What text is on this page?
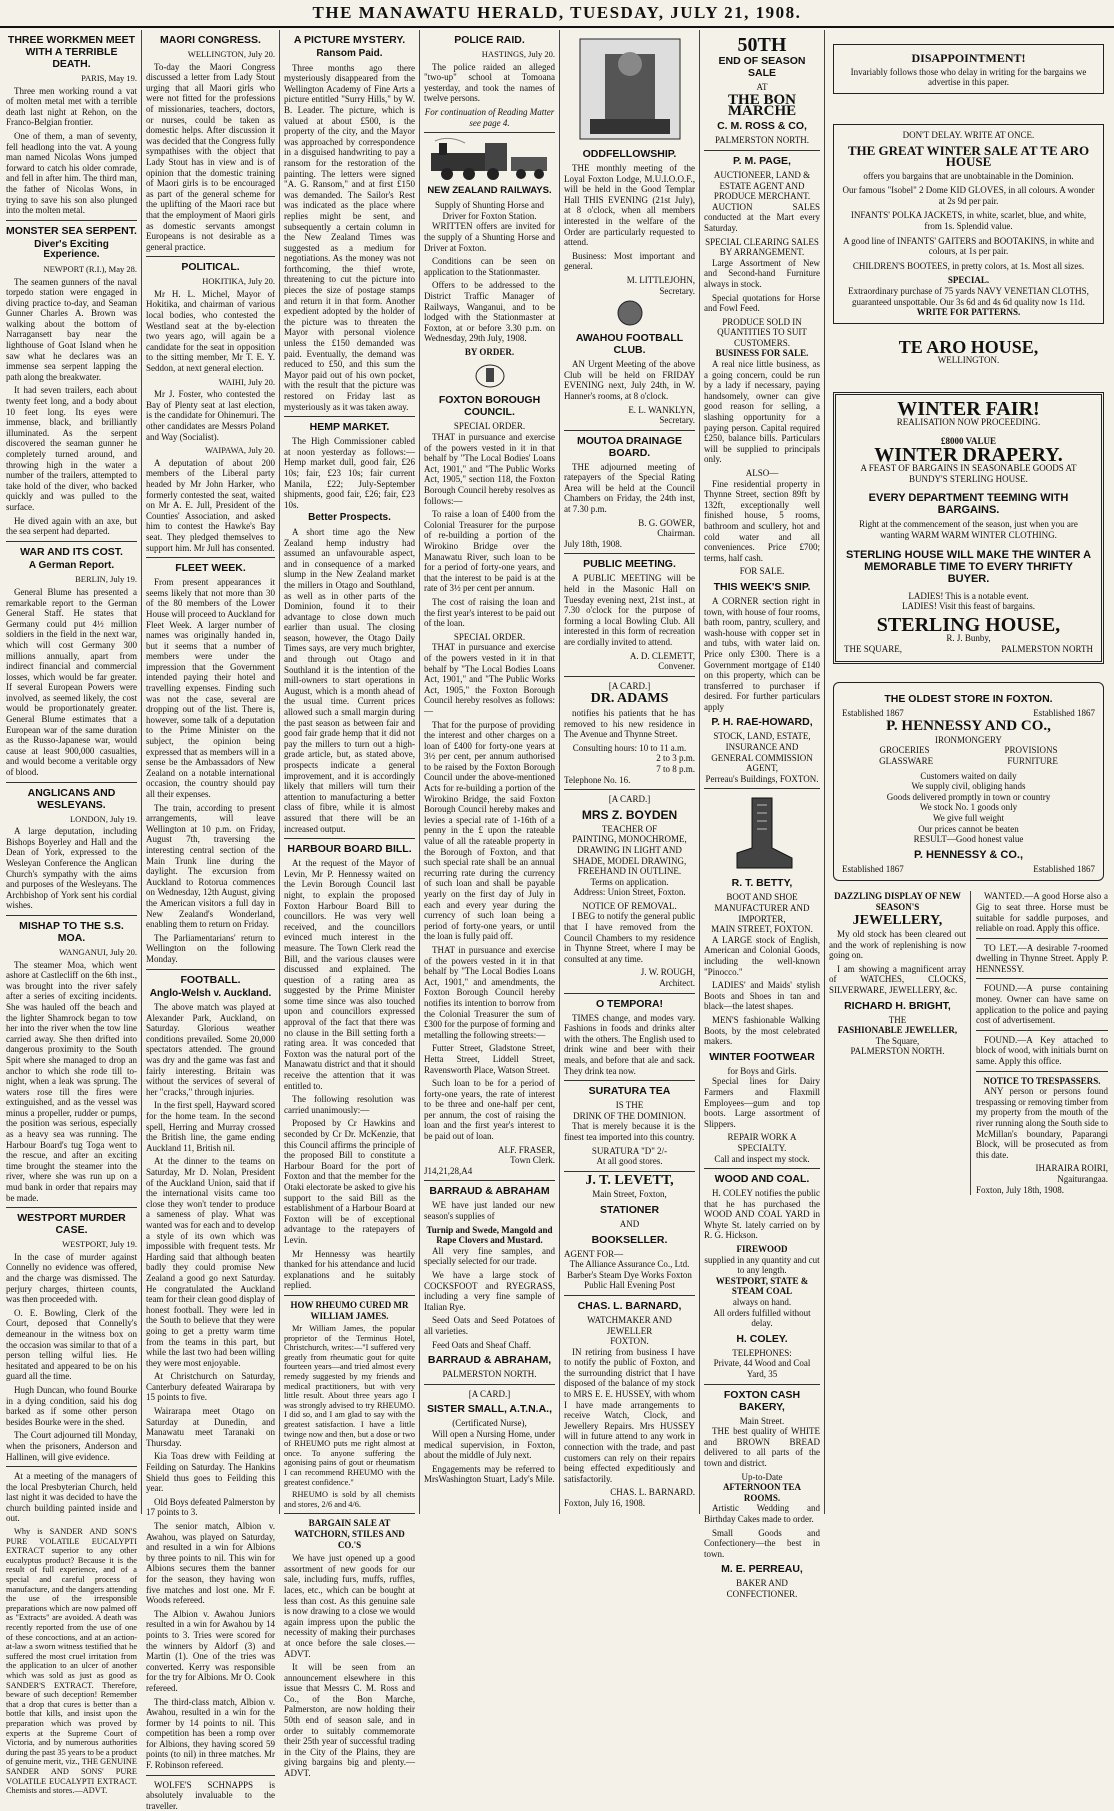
THE MANAWATU HERALD, TUESDAY, JULY 21, 1908.
THREE WORKMEN MEET WITH A TERRIBLE DEATH.
PARIS, May 19.

Three men working round a vat of molten metal met with a terrible death last night at Rehon, on the Franco-Belgian frontier.

One of them, a man of seventy, fell headlong into the vat. A young man named Nicolas Wons jumped forward to catch his older comrade, and fell in after him. The third man, the father of Nicolas Wons, in trying to save his son also plunged into the molten metal.

MONSTER SEA SERPENT.
Diver's Exciting Experience.
NEWPORT (R.I.), May 28.

The seamen gunners of the naval torpedo station were engaged in diving practice to-day, and Seaman Gunner Charles A. Brown was walking about the bottom of Narragansett bay near the lighthouse of Goat Island when he saw what he declares was an immense sea serpent lapping the path along the breakwater.

It had seven trailers, each about twenty feet long, and a body about 10 feet long. Its eyes were immense, black, and brilliantly illuminated. As the serpent discovered the seaman gunner he completely turned around, and throwing high in the water a number of the trailers, attempted to take hold of the diver, who backed quickly and was pulled to the surface.

He dived again with an axe, but the sea serpent had departed.

WAR AND ITS COST.
A German Report.
BERLIN, July 19.

General Blume has presented a remarkable report to the German General Staff. He states that Germany could put 4½ million soldiers in the field in the next war, which will cost Germany 300 millions annually, apart from indirect financial and commercial losses, which would be far greater. If several European Powers were involved, as seemed likely, the cost would be proportionately greater. General Blume estimates that a European war of the same duration as the Russo-Japanese war, would cause at least 900,000 casualties, and would become a veritable orgy of blood.

ANGLICANS AND WESLEYANS.
LONDON, July 19.

A large deputation, including Bishops Boyerley and Hall and the Dean of York, expressed to the Wesleyan Conference the Anglican Church's sympathy with the aims and purposes of the Wesleyans. The Archbishop of York sent his cordial wishes.

MISHAP TO THE S.S. MOA.
WANGANUI, July 20.

The steamer Moa, which went ashore at Castlecliff on the 6th inst., was brought into the river safely after a series of exciting incidents. She was hauled off the beach and the lighter Shamrock began to tow her into the river when the tow line carried away. She then drifted into dangerous proximity to the South Spit where she managed to drop an anchor to which she rode till to-night, when a leak was sprung. The waters rose till the fires were extinguished, and as the vessel was minus a propeller, rudder or pumps, the position was serious, especially as a heavy sea was running. The Harbour Board's tug Toga went to the rescue, and after an exciting time brought the steamer into the river, where she was run up on a mud bank in order that repairs may be made.

WESTPORT MURDER CASE.
WESTPORT, July 19.

In the case of murder against Connelly no evidence was offered, and the charge was dismissed. The perjury charges, thirteen counts, was then proceeded with.

O. E. Bowling, Clerk of the Court, deposed that Connelly's demeanour in the witness box on the occasion was similar to that of a person telling wilful lies. He hesitated and appeared to be on his guard all the time.

Hugh Duncan, who found Bourke in a dying condition, said his dog barked as if some other person besides Bourke were in the shed.

The Court adjourned till Monday, when the prisoners, Anderson and Hallinen, will give evidence.

At a meeting of the managers of the local Presbyterian Church, held last night it was decided to have the church building painted inside and out.

Why is SANDER AND SON'S PURE VOLATILE EUCALYPTI EXTRACT superior to any other eucalyptus product? Because it is the result of full experience, and of a special and careful process of manufacture, and the dangers attending the use of the irresponsible preparations which are now palmed off as "Extracts" are avoided. A death was recently reported from the use of one of these concoctions, and at an action-at-law a sworn witness testified that he suffered the most cruel irritation from the application to an ulcer of another which was sold as just as good as SANDER'S EXTRACT. Therefore, beware of such deception! Remember that a drop that cures is better than a bottle that kills, and insist upon the preparation which was proved by experts at the Supreme Court of Victoria, and by numerous authorities during the past 35 years to be a product of genuine merit, viz., THE GENUINE SANDER AND SONS' PURE VOLATILE EUCALYPTI EXTRACT. Chemists and stores.—ADVT.

MAORI CONGRESS.
WELLINGTON, July 20.

To-day the Maori Congress discussed a letter from Lady Stout urging that all Maori girls who were not fitted for the professions of missionaries, teachers, doctors, or nurses, could be taken as domestic helps. After discussion it was decided that the Congress fully sympathises with the object that Lady Stout has in view and is of opinion that the domestic training of Maori girls is to be encouraged as part of the general scheme for the uplifting of the Maori race but that the employment of Maori girls as domestic servants amongst Europeans is not desirable as a general practice.

POLITICAL.
HOKITIKA, July 20.

Mr H. L. Michel, Mayor of Hokitika, and chairman of various local bodies, who contested the Westland seat at the by-election two years ago, will again be a candidate for the seat in opposition to the sitting member, Mr T. E. Y. Seddon, at next general election.

WAIHI, July 20.

Mr J. Foster, who contested the Bay of Plenty seat at last election, is the candidate for Ohinemuri. The other candidates are Messrs Poland and Way (Socialist).

WAIPAWA, July 20.

A deputation of about 200 members of the Liberal party headed by Mr John Harker, who formerly contested the seat, waited on Mr A. E. Jull, President of the Counties' Association, and asked him to contest the Hawke's Bay seat. They pledged themselves to support him. Mr Jull has consented.

FLEET WEEK.

From present appearances it seems likely that not more than 30 of the 80 members of the Lower House will proceed to Auckland for Fleet Week. A larger number of names was originally handed in, but it seems that a number of members were under the impression that the Government intended paying their hotel and travelling expenses. Finding such was not the case, several are dropping out of the list. There is, however, some talk of a deputation to the Prime Minister on the subject, the opinion being expressed that as members will in a sense be the Ambassadors of New Zealand on a notable international occasion, the country should pay all their expenses.

The train, according to present arrangements, will leave Wellington at 10 p.m. on Friday, August 7th, traversing the interesting central section of the Main Trunk line during the daylight. The excursion from Auckland to Rotorua commences on Wednesday, 12th August, giving the American visitors a full day in New Zealand's Wonderland, enabling them to return on Friday.

The Parliamentarians' return to Wellington on the following Monday.

FOOTBALL.
Anglo-Welsh v. Auckland.

The above match was played at Alexander Park, Auckland, on Saturday. Glorious weather conditions prevailed. Some 20,000 spectators attended. The ground was dry and the game was fast and fairly interesting. Britain was without the services of several of her "cracks," through injuries.

In the first spell, Hayward scored for the home team. In the second spell, Herring and Murray crossed the British line, the game ending Auckland 11, British nil.

At the dinner to the teams on Saturday, Mr D. Nolan, President of the Auckland Union, said that if the international visits came too close they won't tender to produce a sameness of play. What was wanted was for each and to develop a style of its own which was impossible with frequent tests. Mr Harding said that although beaten badly they could promise New Zealand a good go next Saturday. He congratulated the Auckland team for their clean good display of honest football. They were led in the South to believe that they were going to get a pretty warm time from the teams in this part, but while the last two had been willing they were most enjoyable.

At Christchurch on Saturday, Canterbury defeated Wairarapa by 15 points to five.

Wairarapa meet Otago on Saturday at Dunedin, and Manawatu meet Taranaki on Thursday.

Kia Toas drew with Feilding at Feilding on Saturday. The Hankins Shield thus goes to Feilding this year.

Old Boys defeated Palmerston by 17 points to 3.

The senior match, Albion v. Awahou, was played on Saturday, and resulted in a win for Albions by three points to nil. This win for Albions secures them the banner for the season, they having won five matches and lost one. Mr F. Woods refereed.

The Albion v. Awahou Juniors resulted in a win for Awahou by 14 points to 3. Tries were scored for the winners by Aldorf (3) and Martin (1). One of the tries was converted. Kerry was responsible for the try for Albions. Mr O. Cook refereed.

The third-class match, Albion v. Awahou, resulted in a win for the former by 14 points to nil. This competition has been a romp over for Albions, they having scored 59 points (to nil) in three matches. Mr F. Robinson refereed.

WOLFE'S SCHNAPPS is absolutely invaluable to the traveller.

A PICTURE MYSTERY.
Ransom Paid.

Three months ago there mysteriously disappeared from the Wellington Academy of Fine Arts a picture entitled "Surry Hills," by W. B. Leader. The picture, which is valued at about £500, is the property of the city, and the Mayor was approached by correspondence in a disguised handwriting to pay a ransom for the restoration of the painting. The letters were signed "A. G. Ransom," and at first £150 was demanded. The Sailor's Rest was indicated as the place where replies might be sent, and subsequently a certain column in the New Zealand Times was suggested as a medium for negotiations. As the money was not forthcoming, the thief wrote, threatening to cut the picture into pieces the size of postage stamps and return it in that form. Another expedient adopted by the holder of the picture was to threaten the Mayor with personal violence unless the £150 demanded was paid. Eventually, the demand was reduced to £50, and this sum the Mayor paid out of his own pocket, with the result that the picture was restored on Friday last as mysteriously as it was taken away.

HEMP MARKET.

The High Commissioner cabled at noon yesterday as follows:—Hemp market dull, good fair, £26 10s; fair, £23 10s; fair current Manila, £22; July-September shipments, good fair, £26; fair, £23 10s.

Better Prospects.

A short time ago the New Zealand hemp industry had assumed an unfavourable aspect, and in consequence of a marked slump in the New Zealand market the millers in Otago and Southland, as well as in other parts of the Dominion, found it to their advantage to close down much earlier than usual. The closing season, however, the Otago Daily Times says, are very much brighter, and through out Otago and Southland it is the intention of the mill-owners to start operations in August, which is a month ahead of the usual time. Current prices allowed such a small margin during the past season as between fair and good fair grade hemp that it did not pay the millers to turn out a high-grade article, but, as stated above, prospects indicate a general improvement, and it is accordingly likely that millers will turn their attention to manufacturing a better class of fibre, while it is almost assured that there will be an increased output.

HARBOUR BOARD BILL.

At the request of the Mayor of Levin, Mr P. Hennessy waited on the Levin Borough Council last night, to explain the proposed Foxton Harbour Board Bill to councillors. He was very well received, and the councillors evinced much interest in the measure. The Town Clerk read the Bill, and the various clauses were discussed and explained. The question of a rating area as suggested by the Prime Minister some time since was also touched upon and councillors expressed approval of the fact that there was no clause in the Bill setting forth a rating area. It was conceded that Foxton was the natural port of the Manawatu district and that it should receive the attention that it was entitled to.

The following resolution was carried unanimously:—

Proposed by Cr Hawkins and seconded by Cr Dr. McKenzie, that this Council affirms the principle of the proposed Bill to constitute a Harbour Board for the port of Foxton and that the member for the Otaki electorate be asked to give his support to the said Bill as the establishment of a Harbour Board at Foxton will be of exceptional advantage to the ratepayers of Levin.

Mr Hennessy was heartily thanked for his attendance and lucid explanations and he suitably replied.

HOW RHEUMO CURED MR WILLIAM JAMES.

Mr William James, the popular proprietor of the Terminus Hotel, Christchurch, writes:—"I suffered very greatly from rheumatic gout for quite fourteen years—and tried almost every remedy suggested by my friends and medical practitioners, but with very little result. About three years ago I was strongly advised to try RHEUMO. I did so, and I am glad to say with the greatest satisfaction. I have a little twinge now and then, but a dose or two of RHEUMO puts me right almost at once. To anyone suffering the agonising pains of gout or rheumatism I can recommend RHEUMO with the greatest confidence."

RHEUMO is sold by all chemists and stores, 2/6 and 4/6.

BARGAIN SALE AT WATCHORN, STILES AND CO.'S

We have just opened up a good assortment of new goods for our sale, including furs, muffs, ruffles, laces, etc., which can be bought at less than cost. As this genuine sale is now drawing to a close we would again impress upon the public the necessity of making their purchases at once before the sale closes.—ADVT.

It will be seen from an announcement elsewhere in this issue that Messrs C. M. Ross and Co., of the Bon Marche, Palmerston, are now holding their 50th end of season sale, and in order to suitably commemorate their 25th year of successful trading in the City of the Plains, they are giving bargains big and plenty.—ADVT.

POLICE RAID.
HASTINGS, July 20.

The police raided an alleged "two-up" school at Tomoana yesterday, and took the names of twelve persons.

For continuation of Reading Matter see page 4.
NEW ZEALAND RAILWAYS.
Supply of Shunting Horse and Driver for Foxton Station.

WRITTEN offers are invited for the supply of a Shunting Horse and Driver at Foxton.

Conditions can be seen on application to the Stationmaster.

Offers to be addressed to the District Traffic Manager of Railways, Wanganui, and to be lodged with the Stationmaster at Foxton, at or before 3.30 p.m. on Wednesday, 29th July, 1908.

BY ORDER.
FOXTON BOROUGH COUNCIL.
SPECIAL ORDER.

THAT in pursuance and exercise of the powers vested in it in that behalf by "The Local Bodies' Loans Act, 1901," and "The Public Works Act, 1905," section 118, the Foxton Borough Council hereby resolves as follows:—

To raise a loan of £400 from the Colonial Treasurer for the purpose of re-building a portion of the Wirokino Bridge over the Manawatu River, such loan to be for a period of forty-one years, and that the interest to be paid is at the rate of 3½ per cent per annum.

The cost of raising the loan and the first year's interest to be paid out of the loan.

SPECIAL ORDER.

THAT in pursuance and exercise of the powers vested in it in that behalf by "The Local Bodies Loans Act, 1901," and "The Public Works Act, 1905," the Foxton Borough Council hereby resolves as follows:—

That for the purpose of providing the interest and other charges on a loan of £400 for forty-one years at 3½ per cent, per annum authorised to be raised by the Foxton Borough Council under the above-mentioned Acts for re-building a portion of the Wirokino Bridge, the said Foxton Borough Council hereby makes and levies a special rate of 1-16th of a penny in the £ upon the rateable value of all the rateable property in the Borough of Foxton, and that such special rate shall be an annual recurring rate during the currency of such loan and shall be payable yearly on the first day of July in each and every year during the currency of such loan being a period of forty-one years, or until the loan is fully paid off.

THAT in pursuance and exercise of the powers vested in it in that behalf by "The Local Bodies Loans Act, 1901," and amendments, the Foxton Borough Council hereby notifies its intention to borrow from the Colonial Treasurer the sum of £300 for the purpose of forming and metalling the following streets:—

Futter Street, Gladstone Street, Hetta Street, Liddell Street, Ravensworth Place, Watson Street.

Such loan to be for a period of forty-one years, the rate of interest to be three and one-half per cent, per annum, the cost of raising the loan and the first year's interest to be paid out of loan.

ALF. FRASER,
Town Clerk.
J14,21,28,A4
BARRAUD & ABRAHAM

WE have just landed our new season's supplies of

Turnip and Swede, Mangold and Rape Clovers and Mustard.

All very fine samples, and specially selected for our trade.

We have a large stock of COCKSFOOT and RYEGRASS, including a very fine sample of Italian Rye.

Seed Oats and Seed Potatoes of all varieties.

Feed Oats and Sheaf Chaff.

BARRAUD & ABRAHAM,
PALMERSTON NORTH.
[A CARD.]
SISTER SMALL, A.T.N.A.,
(Certificated Nurse),

Will open a Nursing Home, under medical supervision, in Foxton, about the middle of July next.

Engagements may be referred to MrsWashington Stuart, Lady's Mile.

ODDFELLOWSHIP.

THE monthly meeting of the Loyal Foxton Lodge, M.U.I.O.O.F., will be held in the Good Templar Hall THIS EVENING (21st July), at 8 o'clock, when all members interested in the welfare of the Order are particularly requested to attend.

Business: Most important and general.

M. LITTLEJOHN,
Secretary.
AWAHOU FOOTBALL CLUB.

AN Urgent Meeting of the above Club will be held on FRIDAY EVENING next, July 24th, in W. Hanner's rooms, at 8 o'clock.

E. L. WANKLYN,
Secretary.
MOUTOA DRAINAGE BOARD.

THE adjourned meeting of ratepayers of the Special Rating Area will be held at the Council Chambers on Friday, the 24th inst, at 7.30 p.m.

B. G. GOWER,
Chairman.
July 18th, 1908.
PUBLIC MEETING.

A PUBLIC MEETING will be held in the Masonic Hall on Tuesday evening next, 21st inst., at 7.30 o'clock for the purpose of forming a local Bowling Club. All interested in this form of recreation are cordially invited to attend.

A. D. CLEMETT,
Convener.
[A CARD.]
DR. ADAMS

notifies his patients that he has removed to his new residence in The Avenue and Thynne Street.

Consulting hours: 10 to 11 a.m.
2 to 3 p.m.
7 to 8 p.m.
Telephone No. 16.
[A CARD.]
MRS Z. BOYDEN
TEACHER OF
PAINTING, MONOCHROME, DRAWING IN LIGHT AND SHADE, MODEL DRAWING, FREEHAND IN OUTLINE.
Terms on application.
Address: Union Street, Foxton.
NOTICE OF REMOVAL.

I BEG to notify the general public that I have removed from the Council Chambers to my residence in Thynne Street, where I may be consulted at any time.

J. W. ROUGH,
Architect.
O TEMPORA!

TIMES change, and modes vary. Fashions in foods and drinks alter with the others. The English used to drink wine and beer with their meals, and before that ale and sack. They drink tea now.

SURATURA TEA
IS THE
DRINK OF THE DOMINION.

That is merely because it is the finest tea imported into this country.

SURATURA "D" 2/-
At all good stores.
J. T. LEVETT,
Main Street, Foxton,
STATIONER
AND
BOOKSELLER.
AGENT FOR—
The Alliance Assurance Co., Ltd. Barber's Steam Dye Works Foxton Public Hall Evening Post
CHAS. L. BARNARD,
WATCHMAKER AND JEWELLER
FOXTON.

IN retiring from business I have to notify the public of Foxton, and the surrounding district that I have disposed of the balance of my stock to MRS E. E. HUSSEY, with whom I have made arrangements to receive Watch, Clock, and Jewellery Repairs. Mrs HUSSEY will in future attend to any work in connection with the trade, and past customers can rely on their repairs being effected expeditiously and satisfactorily.

CHAS. L. BARNARD.
Foxton, July 16, 1908.
50TH
END OF SEASON SALE
AT
THE BON MARCHE
C. M. ROSS & CO,
PALMERSTON NORTH.
P. M. PAGE,
AUCTIONEER, LAND & ESTATE AGENT AND PRODUCE MERCHANT.

AUCTION SALES conducted at the Mart every Saturday.

SPECIAL CLEARING SALES BY ARRANGEMENT.

Large Assortment of New and Second-hand Furniture always in stock.

Special quotations for Horse and Fowl Feed.

PRODUCE SOLD IN QUANTITIES TO SUIT CUSTOMERS.
BUSINESS FOR SALE.

A real nice little business, as a going concern, could be run by a lady if necessary, paying handsomely, owner can give good reason for selling, a slashing opportunity for a paying person. Capital required £250, balance bills. Particulars will be supplied to principals only.

ALSO—

Fine residential property in Thynne Street, section 89ft by 132ft, exceptionally well finished house, 5 rooms, bathroom and scullery, hot and cold water and all conveniences. Price £700; terms, half cash.

FOR SALE.
THIS WEEK'S SNIP.

A CORNER section right in town, with house of four rooms, bath room, pantry, scullery, and wash-house with copper set in and tubs, with water laid on. Price only £300. There is a Government mortgage of £140 on this property, which can be transferred to purchaser if desired. For further particulars apply

P. H. RAE-HOWARD,
STOCK, LAND, ESTATE, INSURANCE AND GENERAL COMMISSION AGENT,
Perreau's Buildings, FOXTON.
R. T. BETTY,
BOOT AND SHOE MANUFACTURER AND IMPORTER,
MAIN STREET, FOXTON.

A LARGE stock of English, American and Colonial Goods, including the well-known "Pinocco."

LADIES' and Maids' stylish Boots and Shoes in tan and black—the latest shapes.

MEN'S fashionable Walking Boots, by the most celebrated makers.

WINTER FOOTWEAR
for Boys and Girls.

Special lines for Dairy Farmers and Flaxmill Employees—gum and top boots. Large assortment of Slippers.

REPAIR WORK A SPECIALTY.
Call and inspect my stock.
WOOD AND COAL.

H. COLEY notifies the public that he has purchased the WOOD AND COAL YARD in Whyte St. lately carried on by R. G. Hickson.

FIREWOOD
supplied in any quantity and cut to any length.
WESTPORT, STATE & STEAM COAL
always on hand.
All orders fulfilled without delay.
H. COLEY.
TELEPHONES:
Private, 44 Wood and Coal Yard, 35
FOXTON CASH BAKERY,
Main Street.

THE best quality of WHITE and BROWN BREAD delivered to all parts of the town and district.

Up-to-Date
AFTERNOON TEA ROOMS.

Artistic Wedding and Birthday Cakes made to order.

Small Goods and Confectionery—the best in town.

M. E. PERREAU,
BAKER AND CONFECTIONER.
DISAPPOINTMENT!
Invariably follows those who delay in writing for the bargains we advertise in this paper.
DON'T DELAY. WRITE AT ONCE.
THE GREAT WINTER SALE AT TE ARO HOUSE
offers you bargains that are unobtainable in the Dominion.
Our famous "Isobel" 2 Dome KID GLOVES, in all colours. A wonder at 2s 9d per pair.
INFANTS' POLKA JACKETS, in white, scarlet, blue, and white, from 1s. Splendid value.
A good line of INFANTS' GAITERS and BOOTAKINS, in white and colours, at 1s per pair.
CHILDREN'S BOOTEES, in pretty colors, at 1s. Most all sizes.
SPECIAL.
Extraordinary purchase of 75 yards NAVY VENETIAN CLOTHS, guaranteed unspottable. Our 3s 6d and 4s 6d quality now 1s 11d.
WRITE FOR PATTERNS.
TE ARO HOUSE,
WELLINGTON.
WINTER FAIR!
REALISATION NOW PROCEEDING.
£8000 VALUE
WINTER DRAPERY.
A FEAST OF BARGAINS IN SEASONABLE GOODS AT BUNDY'S STERLING HOUSE.
EVERY DEPARTMENT TEEMING WITH BARGAINS.
Right at the commencement of the season, just when you are wanting WARM WARM WINTER CLOTHING.
STERLING HOUSE WILL MAKE THE WINTER A MEMORABLE TIME TO EVERY THRIFTY BUYER.
LADIES! This is a notable event.
LADIES! Visit this feast of bargains.
STERLING HOUSE,
R. J. Bunby,
THE SQUARE,	PALMERSTON NORTH
THE OLDEST STORE IN FOXTON.
Established 1867	Established 1867
P. HENNESSY AND CO.,
IRONMONGERY
GROCERIES	PROVISIONS
GLASSWARE	FURNITURE
Customers waited on daily
We supply civil, obliging hands
Goods delivered promptly in town or country
We stock No. 1 goods only
We give full weight
Our prices cannot be beaten
RESULT—Good honest value
P. HENNESSY & CO.,
Established 1867	Established 1867
DAZZLING DISPLAY OF NEW SEASON'S
JEWELLERY,

My old stock has been cleared out and the work of replenishing is now going on.

I am showing a magnificent array of WATCHES, CLOCKS, SILVERWARE, JEWELLERY, &c.

RICHARD H. BRIGHT,
THE
FASHIONABLE JEWELLER,
The Square,
PALMERSTON NORTH.

WANTED.—A good Horse also a Gig to seat three. Horse must be suitable for saddle purposes, and reliable on road. Apply this office.

TO LET.—A desirable 7-roomed dwelling in Thynne Street. Apply P. HENNESSY.

FOUND.—A purse containing money. Owner can have same on application to the police and paying cost of advertisement.

FOUND.—A Key attached to block of wood, with initials burnt on same. Apply this office.

NOTICE TO TRESPASSERS.

ANY person or persons found trespassing or removing timber from my property from the mouth of the river running along the South side to McMillan's boundary, Paparangi Block, will be prosecuted as from this date.

IHARAIRA ROIRI,
Ngaiturangaa.
Foxton, July 18th, 1908.
